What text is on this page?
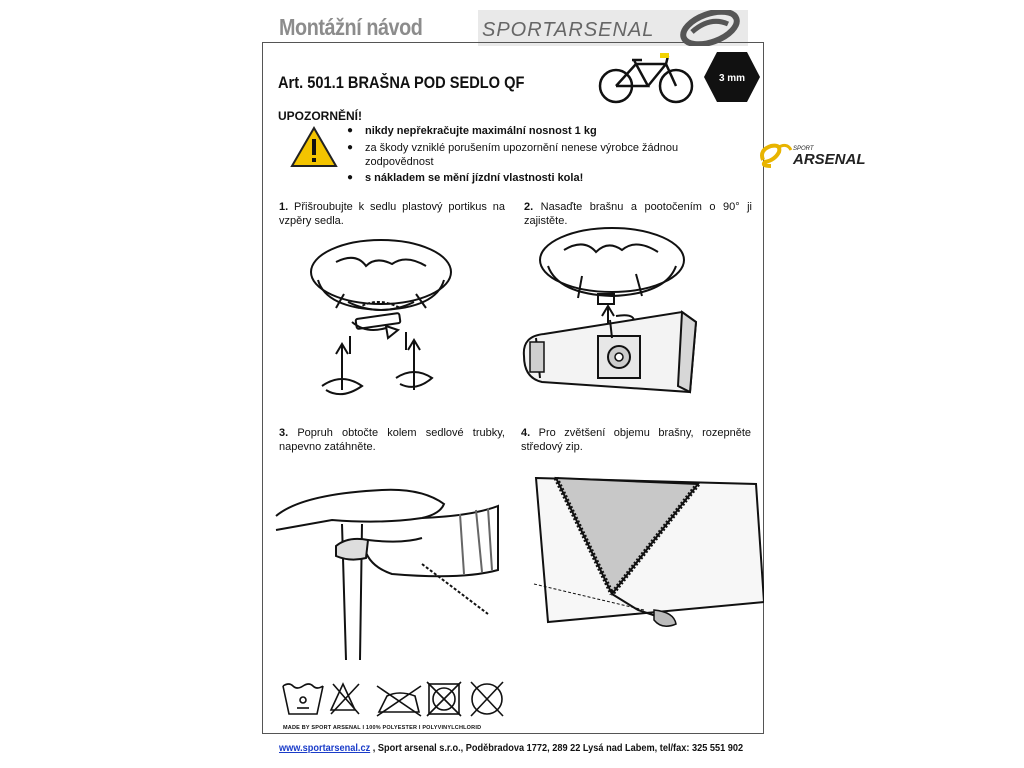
Montážní návod	SPORTARSENAL
Art. 501.1 BRAŠNA POD SEDLO QF	3 mm
UPOZORNĚNÍ!
● nikdy nepřekračujte maximální nosnost 1 kg
● za škody vzniklé porušením upozornění nenese výrobce žádnou zodpovědnost
● s nákladem se mění jízdní vlastnosti kola!
1. Přišroubujte k sedlu plastový portikus na vzpěry sedla.
2. Nasaďte brašnu a pootočením o 90° ji zajistěte.
3. Popruh obtočte kolem sedlové trubky, napevno zatáhněte.
4. Pro zvětšení objemu brašny, rozepněte středový zip.
SPORT
ARSENAL
MADE BY SPORT ARSENAL I 100% POLYESTER I POLYVINYLCHLORID
www.sportarsenal.cz , Sport arsenal s.r.o., Poděbradova 1772, 289 22 Lysá nad Labem, tel/fax: 325 551 902
